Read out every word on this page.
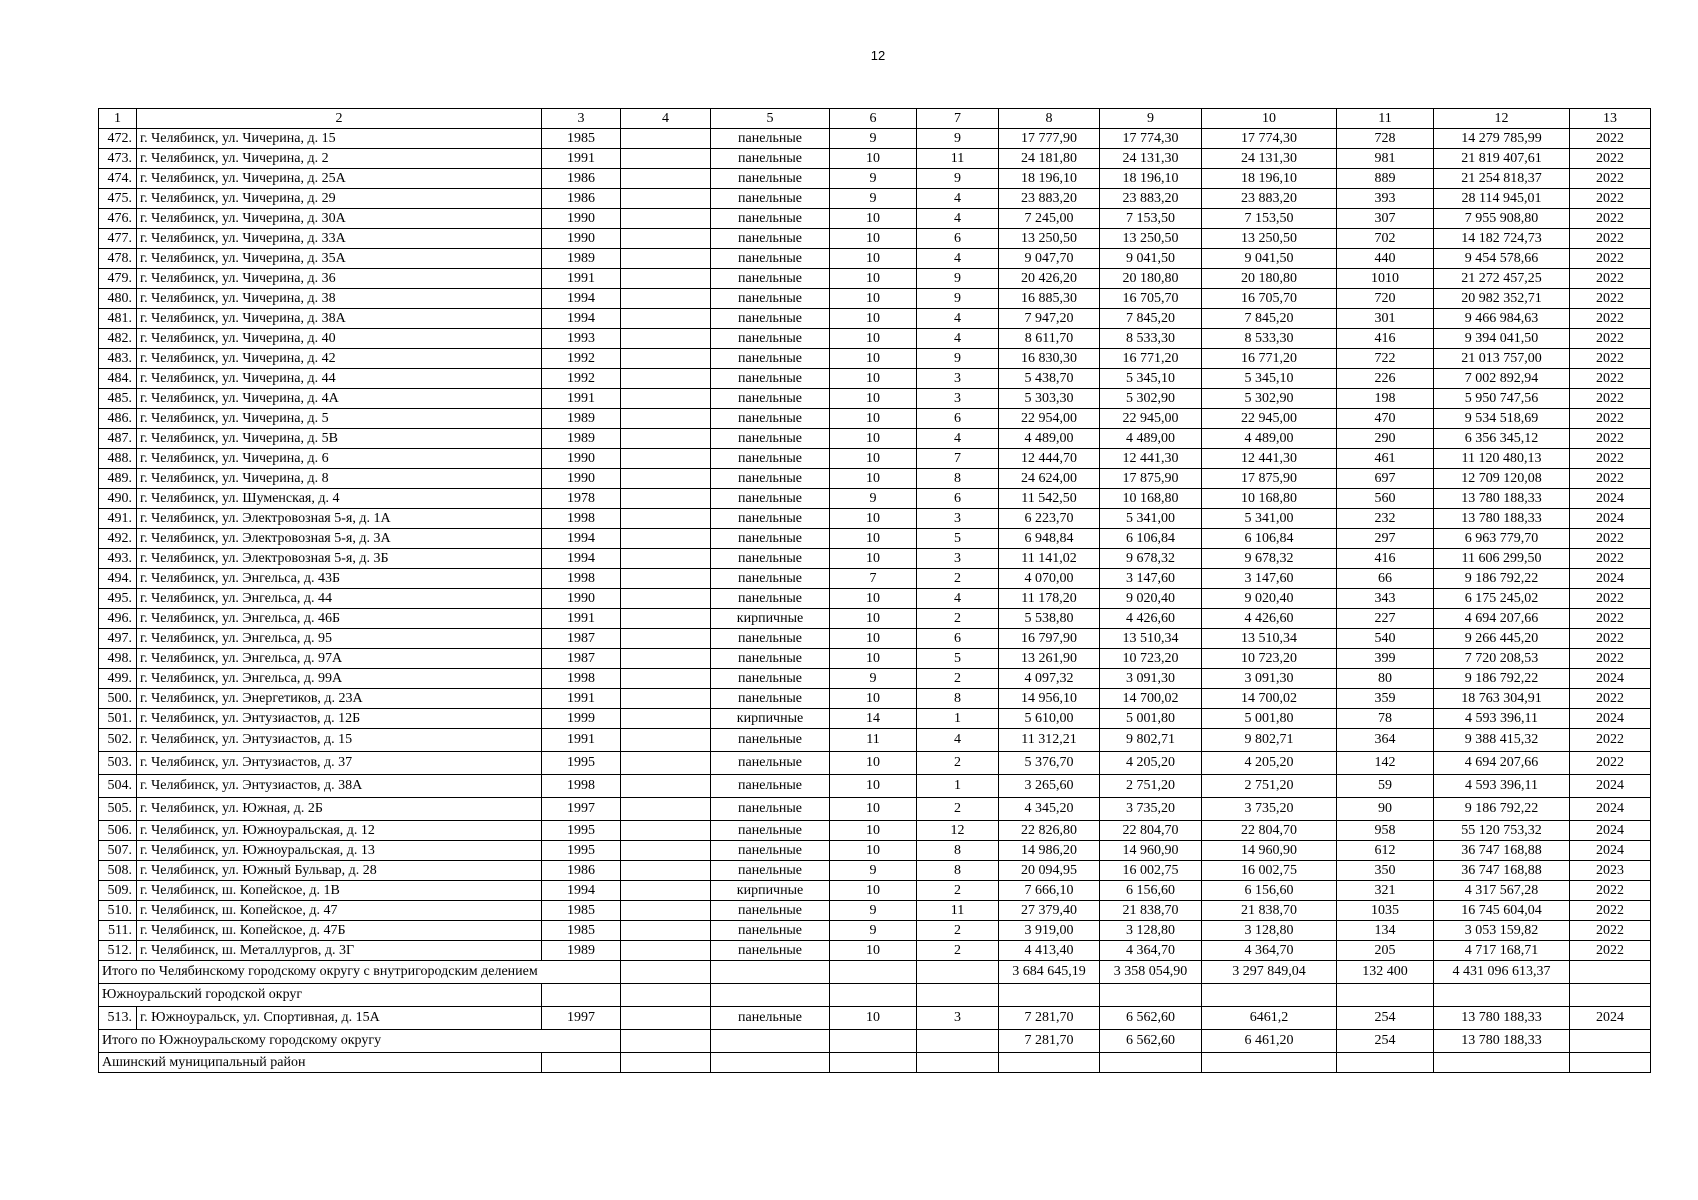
12
1	2	3	4	5	6	7	8	9	10	11	12	13
472.	г. Челябинск, ул. Чичерина, д. 15	1985		панельные	9	9	17 777,90	17 774,30	17 774,30	728	14 279 785,99	2022
473.	г. Челябинск, ул. Чичерина, д. 2	1991		панельные	10	11	24 181,80	24 131,30	24 131,30	981	21 819 407,61	2022
474.	г. Челябинск, ул. Чичерина, д. 25А	1986		панельные	9	9	18 196,10	18 196,10	18 196,10	889	21 254 818,37	2022
475.	г. Челябинск, ул. Чичерина, д. 29	1986		панельные	9	4	23 883,20	23 883,20	23 883,20	393	28 114 945,01	2022
476.	г. Челябинск, ул. Чичерина, д. 30А	1990		панельные	10	4	7 245,00	7 153,50	7 153,50	307	7 955 908,80	2022
477.	г. Челябинск, ул. Чичерина, д. 33А	1990		панельные	10	6	13 250,50	13 250,50	13 250,50	702	14 182 724,73	2022
478.	г. Челябинск, ул. Чичерина, д. 35А	1989		панельные	10	4	9 047,70	9 041,50	9 041,50	440	9 454 578,66	2022
479.	г. Челябинск, ул. Чичерина, д. 36	1991		панельные	10	9	20 426,20	20 180,80	20 180,80	1010	21 272 457,25	2022
480.	г. Челябинск, ул. Чичерина, д. 38	1994		панельные	10	9	16 885,30	16 705,70	16 705,70	720	20 982 352,71	2022
481.	г. Челябинск, ул. Чичерина, д. 38А	1994		панельные	10	4	7 947,20	7 845,20	7 845,20	301	9 466 984,63	2022
482.	г. Челябинск, ул. Чичерина, д. 40	1993		панельные	10	4	8 611,70	8 533,30	8 533,30	416	9 394 041,50	2022
483.	г. Челябинск, ул. Чичерина, д. 42	1992		панельные	10	9	16 830,30	16 771,20	16 771,20	722	21 013 757,00	2022
484.	г. Челябинск, ул. Чичерина, д. 44	1992		панельные	10	3	5 438,70	5 345,10	5 345,10	226	7 002 892,94	2022
485.	г. Челябинск, ул. Чичерина, д. 4А	1991		панельные	10	3	5 303,30	5 302,90	5 302,90	198	5 950 747,56	2022
486.	г. Челябинск, ул. Чичерина, д. 5	1989		панельные	10	6	22 954,00	22 945,00	22 945,00	470	9 534 518,69	2022
487.	г. Челябинск, ул. Чичерина, д. 5В	1989		панельные	10	4	4 489,00	4 489,00	4 489,00	290	6 356 345,12	2022
488.	г. Челябинск, ул. Чичерина, д. 6	1990		панельные	10	7	12 444,70	12 441,30	12 441,30	461	11 120 480,13	2022
489.	г. Челябинск, ул. Чичерина, д. 8	1990		панельные	10	8	24 624,00	17 875,90	17 875,90	697	12 709 120,08	2022
490.	г. Челябинск, ул. Шуменская, д. 4	1978		панельные	9	6	11 542,50	10 168,80	10 168,80	560	13 780 188,33	2024
491.	г. Челябинск, ул. Электровозная 5-я, д. 1А	1998		панельные	10	3	6 223,70	5 341,00	5 341,00	232	13 780 188,33	2024
492.	г. Челябинск, ул. Электровозная 5-я, д. 3А	1994		панельные	10	5	6 948,84	6 106,84	6 106,84	297	6 963 779,70	2022
493.	г. Челябинск, ул. Электровозная 5-я, д. 3Б	1994		панельные	10	3	11 141,02	9 678,32	9 678,32	416	11 606 299,50	2022
494.	г. Челябинск, ул. Энгельса, д. 43Б	1998		панельные	7	2	4 070,00	3 147,60	3 147,60	66	9 186 792,22	2024
495.	г. Челябинск, ул. Энгельса, д. 44	1990		панельные	10	4	11 178,20	9 020,40	9 020,40	343	6 175 245,02	2022
496.	г. Челябинск, ул. Энгельса, д. 46Б	1991		кирпичные	10	2	5 538,80	4 426,60	4 426,60	227	4 694 207,66	2022
497.	г. Челябинск, ул. Энгельса, д. 95	1987		панельные	10	6	16 797,90	13 510,34	13 510,34	540	9 266 445,20	2022
498.	г. Челябинск, ул. Энгельса, д. 97А	1987		панельные	10	5	13 261,90	10 723,20	10 723,20	399	7 720 208,53	2022
499.	г. Челябинск, ул. Энгельса, д. 99А	1998		панельные	9	2	4 097,32	3 091,30	3 091,30	80	9 186 792,22	2024
500.	г. Челябинск, ул. Энергетиков, д. 23А	1991		панельные	10	8	14 956,10	14 700,02	14 700,02	359	18 763 304,91	2022
501.	г. Челябинск, ул. Энтузиастов, д. 12Б	1999		кирпичные	14	1	5 610,00	5 001,80	5 001,80	78	4 593 396,11	2024
502.	г. Челябинск, ул. Энтузиастов, д. 15	1991		панельные	11	4	11 312,21	9 802,71	9 802,71	364	9 388 415,32	2022
503.	г. Челябинск, ул. Энтузиастов, д. 37	1995		панельные	10	2	5 376,70	4 205,20	4 205,20	142	4 694 207,66	2022
504.	г. Челябинск, ул. Энтузиастов, д. 38А	1998		панельные	10	1	3 265,60	2 751,20	2 751,20	59	4 593 396,11	2024
505.	г. Челябинск, ул. Южная, д. 2Б	1997		панельные	10	2	4 345,20	3 735,20	3 735,20	90	9 186 792,22	2024
506.	г. Челябинск, ул. Южноуральская, д. 12	1995		панельные	10	12	22 826,80	22 804,70	22 804,70	958	55 120 753,32	2024
507.	г. Челябинск, ул. Южноуральская, д. 13	1995		панельные	10	8	14 986,20	14 960,90	14 960,90	612	36 747 168,88	2024
508.	г. Челябинск, ул. Южный Бульвар, д. 28	1986		панельные	9	8	20 094,95	16 002,75	16 002,75	350	36 747 168,88	2023
509.	г. Челябинск, ш. Копейское, д. 1В	1994		кирпичные	10	2	7 666,10	6 156,60	6 156,60	321	4 317 567,28	2022
510.	г. Челябинск, ш. Копейское, д. 47	1985		панельные	9	11	27 379,40	21 838,70	21 838,70	1035	16 745 604,04	2022
511.	г. Челябинск, ш. Копейское, д. 47Б	1985		панельные	9	2	3 919,00	3 128,80	3 128,80	134	3 053 159,82	2022
512.	г. Челябинск, ш. Металлургов, д. 3Г	1989		панельные	10	2	4 413,40	4 364,70	4 364,70	205	4 717 168,71	2022
Итого по Челябинскому городскому округу с внутригородским делением							3 684 645,19	3 358 054,90	3 297 849,04	132 400	4 431 096 613,37	
Южноуральский городской округ												
513.	г. Южноуральск, ул. Спортивная, д. 15А	1997		панельные	10	3	7 281,70	6 562,60	6461,2	254	13 780 188,33	2024
Итого по Южноуральскому городскому округу							7 281,70	6 562,60	6 461,20	254	13 780 188,33	
Ашинский муниципальный район												
